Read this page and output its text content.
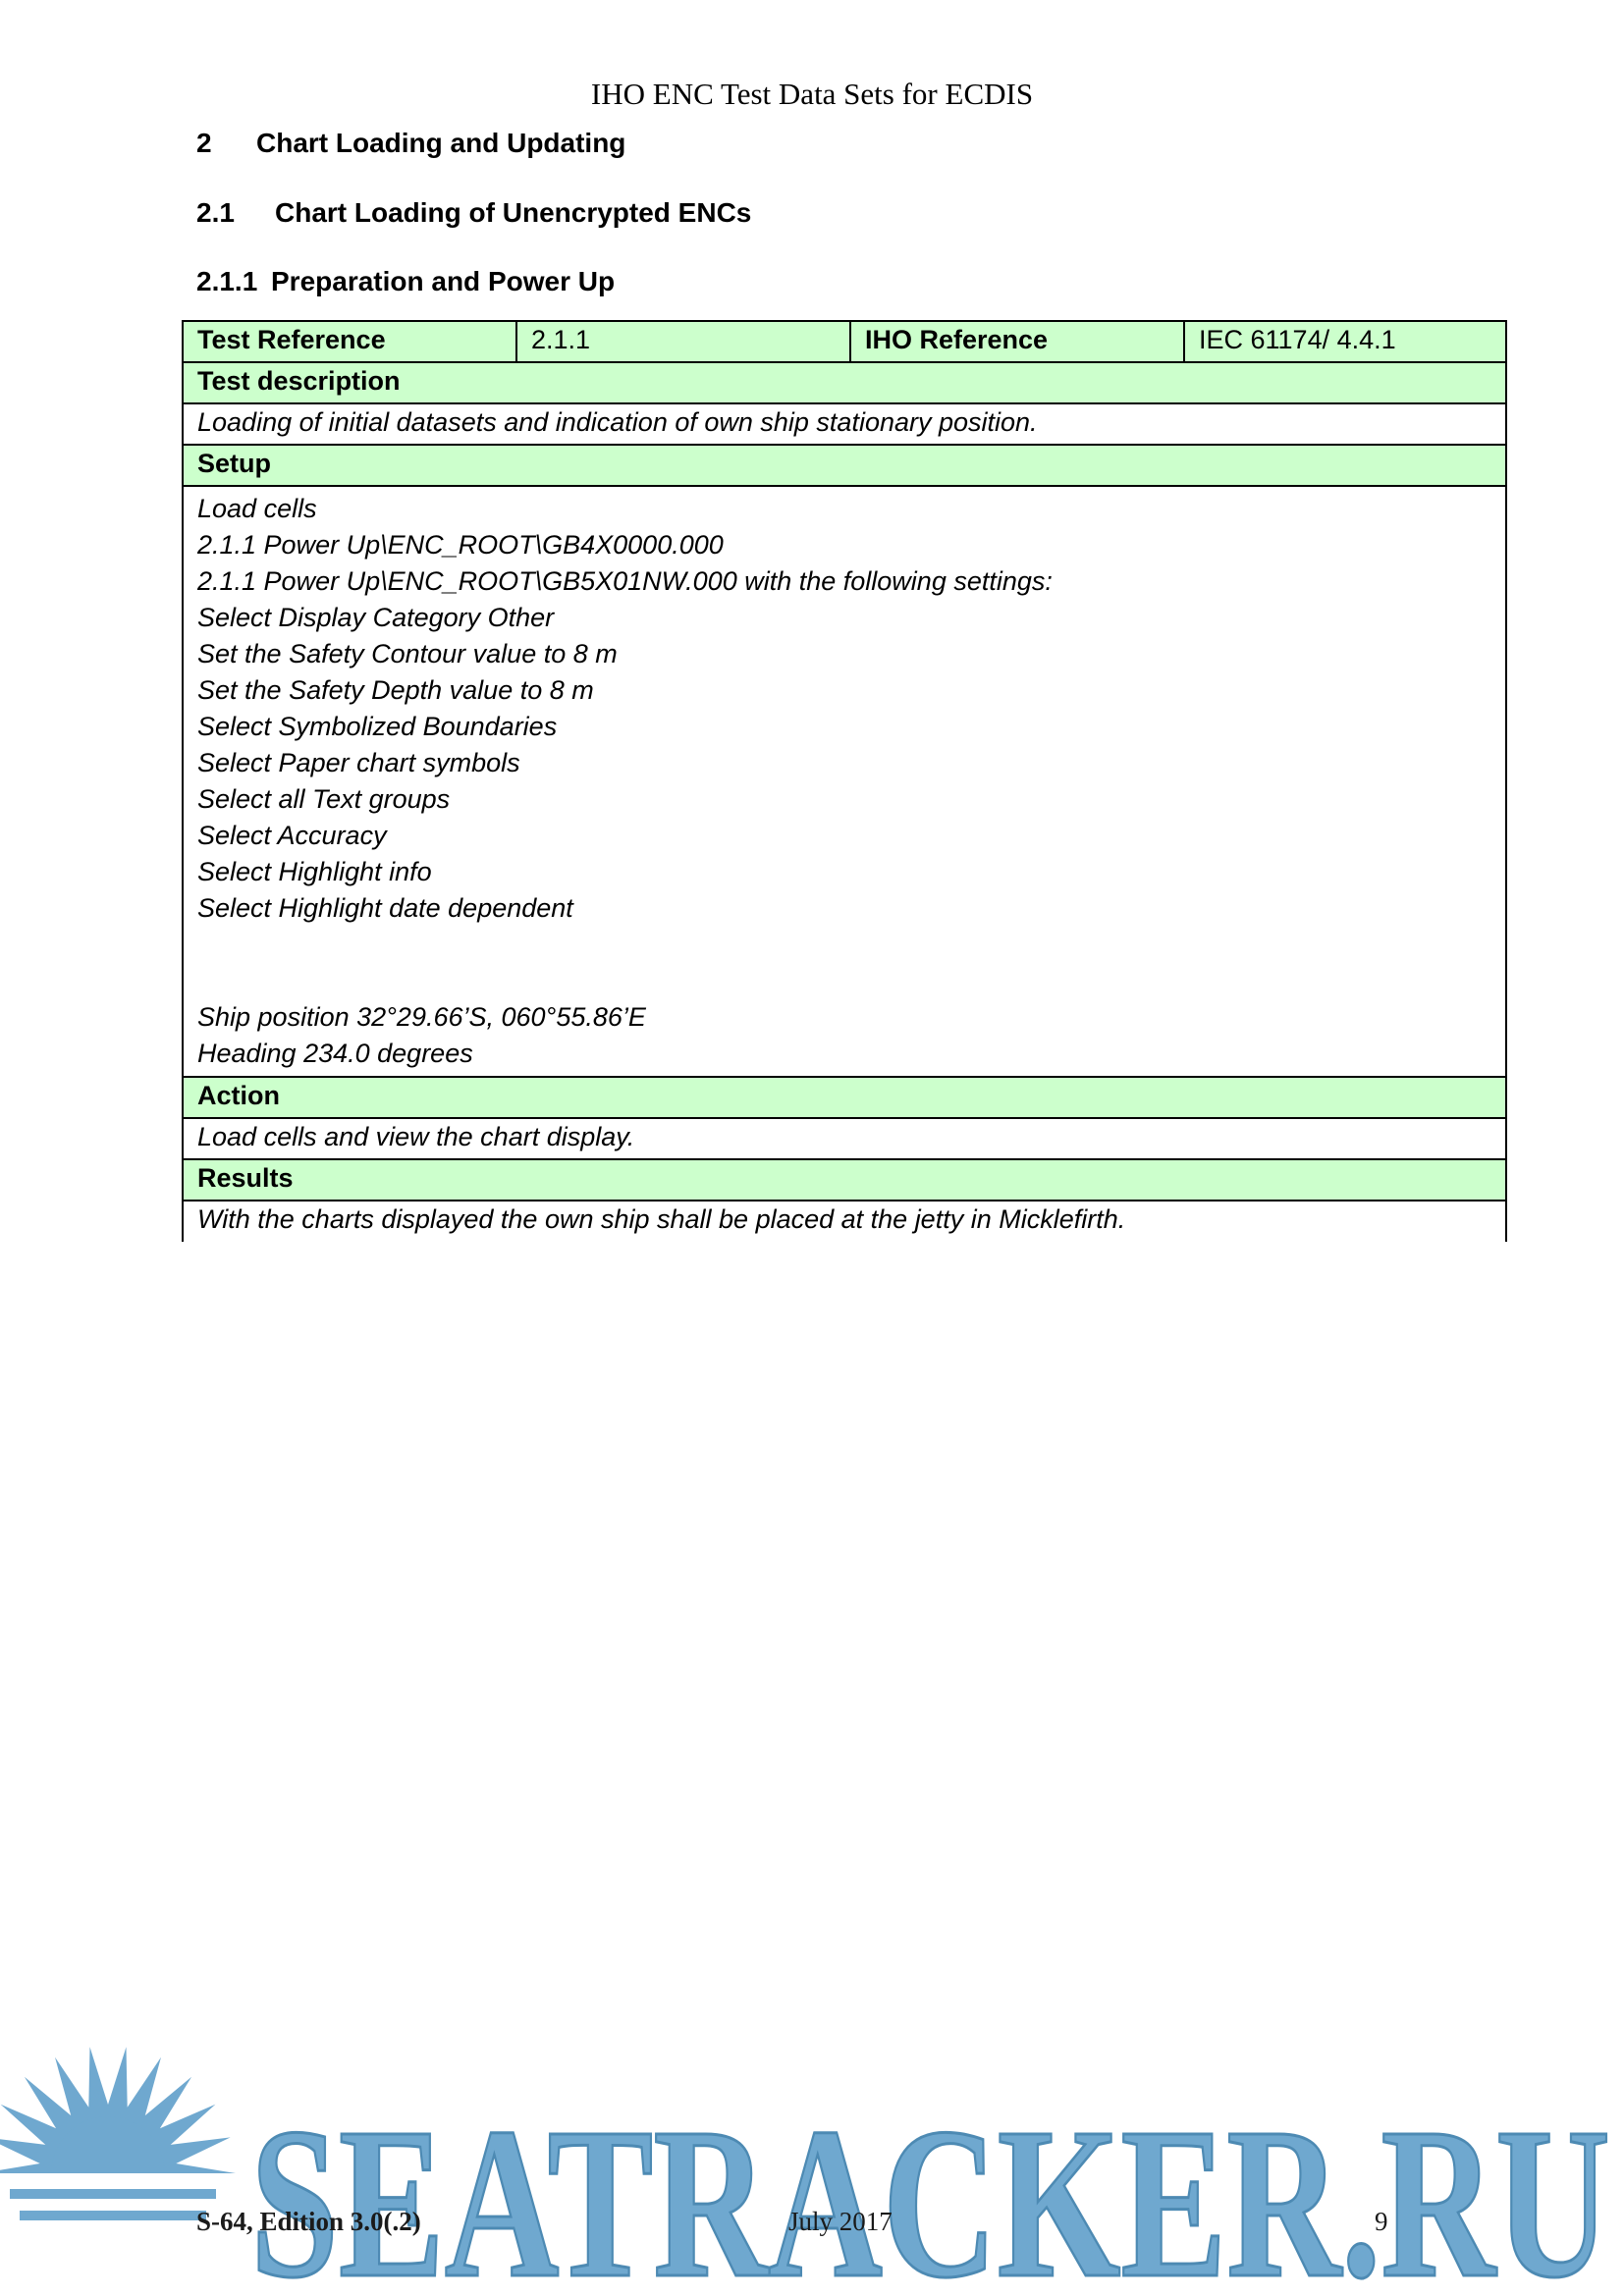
IHO ENC Test Data Sets for ECDIS
2 Chart Loading and Updating
2.1 Chart Loading of Unencrypted ENCs
2.1.1 Preparation and Power Up
Test Reference	2.1.1	IHO Reference	IEC 61174/ 4.4.1
Test description
Loading of initial datasets and indication of own ship stationary position.
Setup

Load cells
2.1.1 Power Up\ENC_ROOT\GB4X0000.000
2.1.1 Power Up\ENC_ROOT\GB5X01NW.000 with the following settings:
Select Display Category Other
Set the Safety Contour value to 8 m
Set the Safety Depth value to 8 m
Select Symbolized Boundaries
Select Paper chart symbols
Select all Text groups
Select Accuracy
Select Highlight info
Select Highlight date dependent
Ship position 32°29.66’S, 060°55.86’E
Heading 234.0 degrees

Action
Load cells and view the chart display.
Results
With the charts displayed the own ship shall be placed at the jetty in Micklefirth.
SEATRACKER.RU
S-64, Edition 3.0(.2)	July 2017	9
